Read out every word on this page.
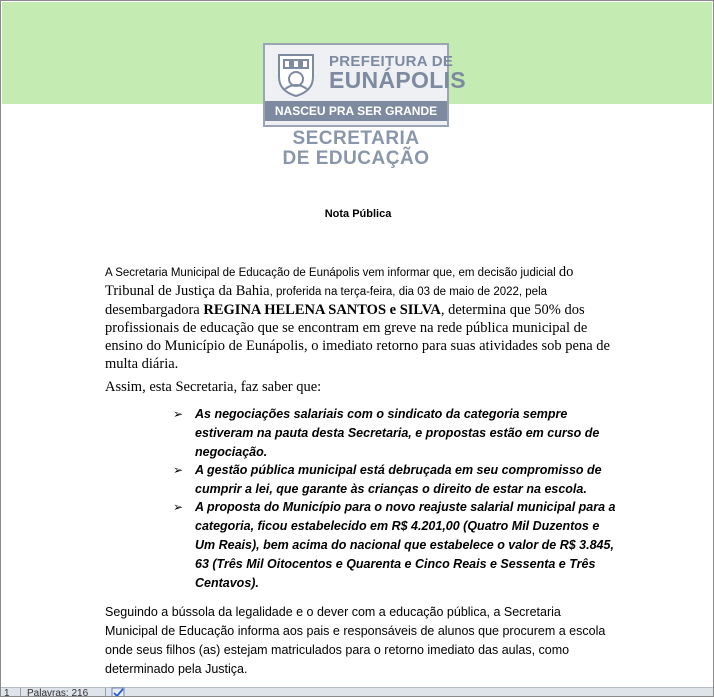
PREFEITURA DE
EUNÁPOLIS
NASCEU PRA SER GRANDE
SECRETARIA
DE EDUCAÇÃO
Nota Pública
A Secretaria Municipal de Educação de Eunápolis vem informar que, em decisão judicial do Tribunal de Justiça da Bahia, proferida na terça-feira, dia 03 de maio de 2022, pela desembargadora REGINA HELENA SANTOS e SILVA, determina que 50% dos profissionais de educação que se encontram em greve na rede pública municipal de ensino do Município de Eunápolis, o imediato retorno para suas atividades sob pena de multa diária.
Assim, esta Secretaria, faz saber que:
➢ As negociações salariais com o sindicato da categoria sempre estiveram na pauta desta Secretaria, e propostas estão em curso de negociação.
➢ A gestão pública municipal está debruçada em seu compromisso de cumprir a lei, que garante às crianças o direito de estar na escola.
➢ A proposta do Município para o novo reajuste salarial municipal para a categoria, ficou estabelecido em R$ 4.201,00 (Quatro Mil Duzentos e Um Reais), bem acima do nacional que estabelece o valor de R$ 3.845, 63 (Três Mil Oitocentos e Quarenta e Cinco Reais e Sessenta e Três Centavos).
Seguindo a bússola da legalidade e o dever com a educação pública, a Secretaria Municipal de Educação informa aos pais e responsáveis de alunos que procurem a escola onde seus filhos (as) estejam matriculados para o retorno imediato das aulas, como determinado pela Justiça.
1 Palavras: 216
